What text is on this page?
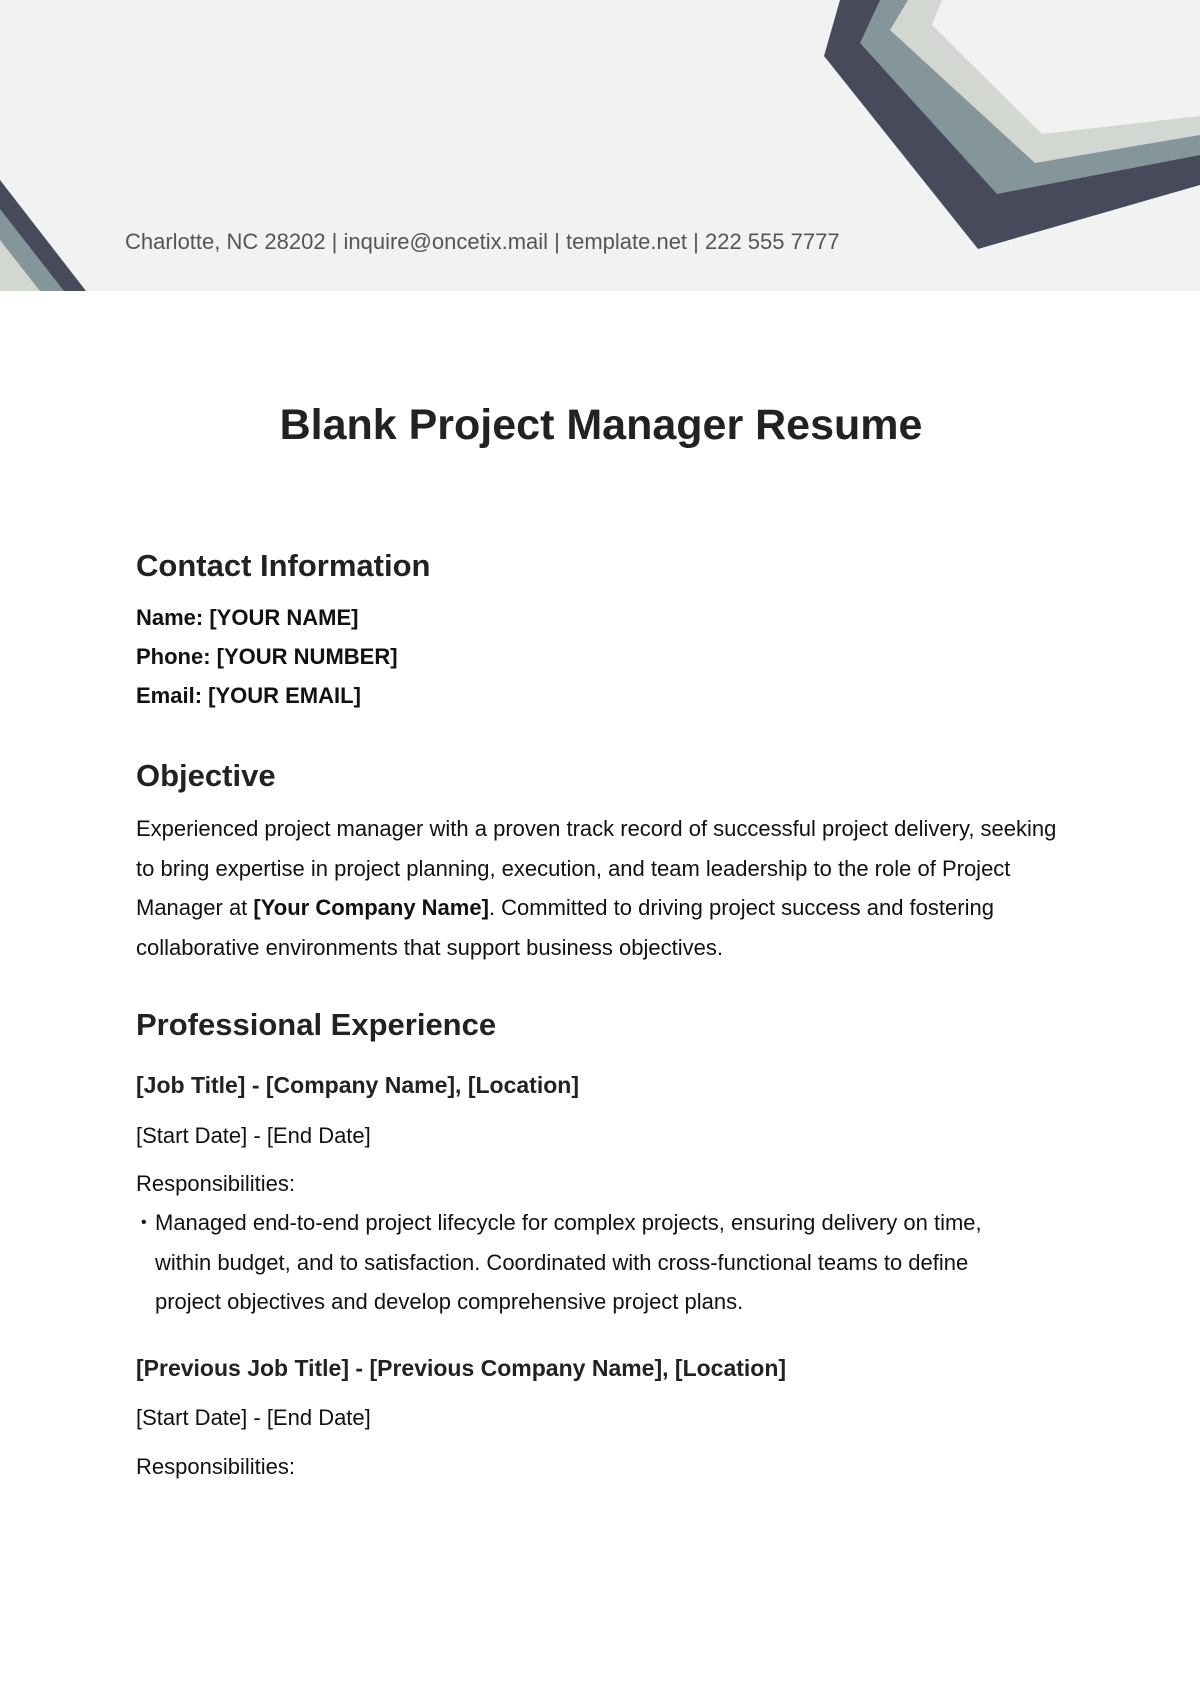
Charlotte, NC 28202 | inquire@oncetix.mail | template.net | 222 555 7777
Blank Project Manager Resume
Contact Information
Name: [YOUR NAME]
Phone: [YOUR NUMBER]
Email: [YOUR EMAIL]
Objective

Experienced project manager with a proven track record of successful project delivery, seeking to bring expertise in project planning, execution, and team leadership to the role of Project Manager at [Your Company Name]. Committed to driving project success and fostering collaborative environments that support business objectives.

Professional Experience
[Job Title] - [Company Name], [Location]
[Start Date] - [End Date]
Responsibilities:
• Managed end-to-end project lifecycle for complex projects, ensuring delivery on time, within budget, and to satisfaction. Coordinated with cross-functional teams to define project objectives and develop comprehensive project plans.
[Previous Job Title] - [Previous Company Name], [Location]
[Start Date] - [End Date]
Responsibilities:
